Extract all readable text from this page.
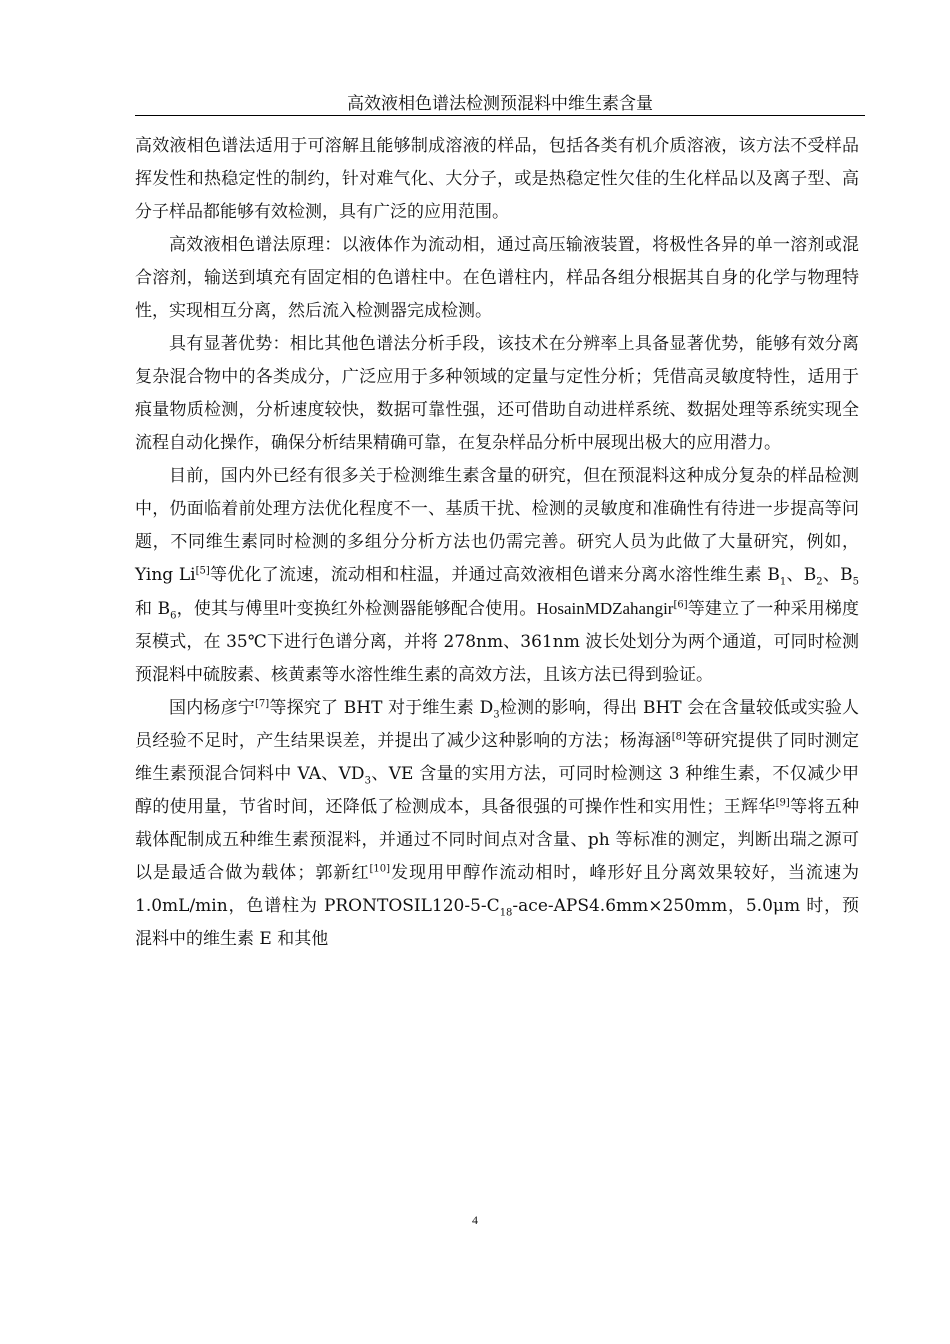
高效液相色谱法检测预混料中维生素含量

高效液相色谱法适用于可溶解且能够制成溶液的样品，包括各类有机介质溶液，该方法不受样品挥发性和热稳定性的制约，针对难气化、大分子，或是热稳定性欠佳的生化样品以及离子型、高分子样品都能够有效检测，具有广泛的应用范围。

高效液相色谱法原理：以液体作为流动相，通过高压输液装置，将极性各异的单一溶剂或混合溶剂，输送到填充有固定相的色谱柱中。在色谱柱内，样品各组分根据其自身的化学与物理特性，实现相互分离，然后流入检测器完成检测。

具有显著优势：相比其他色谱法分析手段，该技术在分辨率上具备显著优势，能够有效分离复杂混合物中的各类成分，广泛应用于多种领域的定量与定性分析；凭借高灵敏度特性，适用于痕量物质检测，分析速度较快，数据可靠性强，还可借助自动进样系统、数据处理等系统实现全流程自动化操作，确保分析结果精确可靠，在复杂样品分析中展现出极大的应用潜力。

目前，国内外已经有很多关于检测维生素含量的研究，但在预混料这种成分复杂的样品检测中，仍面临着前处理方法优化程度不一、基质干扰、检测的灵敏度和准确性有待进一步提高等问题，不同维生素同时检测的多组分分析方法也仍需完善。研究人员为此做了大量研究，例如，Ying Li[5]等优化了流速，流动相和柱温，并通过高效液相色谱来分离水溶性维生素 $B_1$、$B_2$、$B_5$和 $B_6$，使其与傅里叶变换红外检测器能够配合使用。HosainMDZahangir[6]等建立了一种采用梯度泵模式，在 35℃下进行色谱分离，并将 278nm、361nm 波长处划分为两个通道，可同时检测预混料中硫胺素、核黄素等水溶性维生素的高效方法，且该方法已得到验证。

国内杨彦宁[7]等探究了 BHT 对于维生素 $D_3$检测的影响，得出 BHT 会在含量较低或实验人员经验不足时，产生结果误差，并提出了减少这种影响的方法；杨海涵[8]等研究提供了同时测定维生素预混合饲料中 VA、$VD_3$、VE 含量的实用方法，可同时检测这 3 种维生素，不仅减少甲醇的使用量，节省时间，还降低了检测成本，具备很强的可操作性和实用性；王辉华[9]等将五种载体配制成五种维生素预混料，并通过不同时间点对含量、ph 等标准的测定，判断出瑞之源可以是最适合做为载体；郭新红[10]发现用甲醇作流动相时，峰形好且分离效果较好，当流速为 1.0mL/min，色谱柱为 $PRONTOSIL120-5-C_{18}-ace-APS4.6mm\times 250mm$，5.0μm 时，预混料中的维生素 E 和其他

4
